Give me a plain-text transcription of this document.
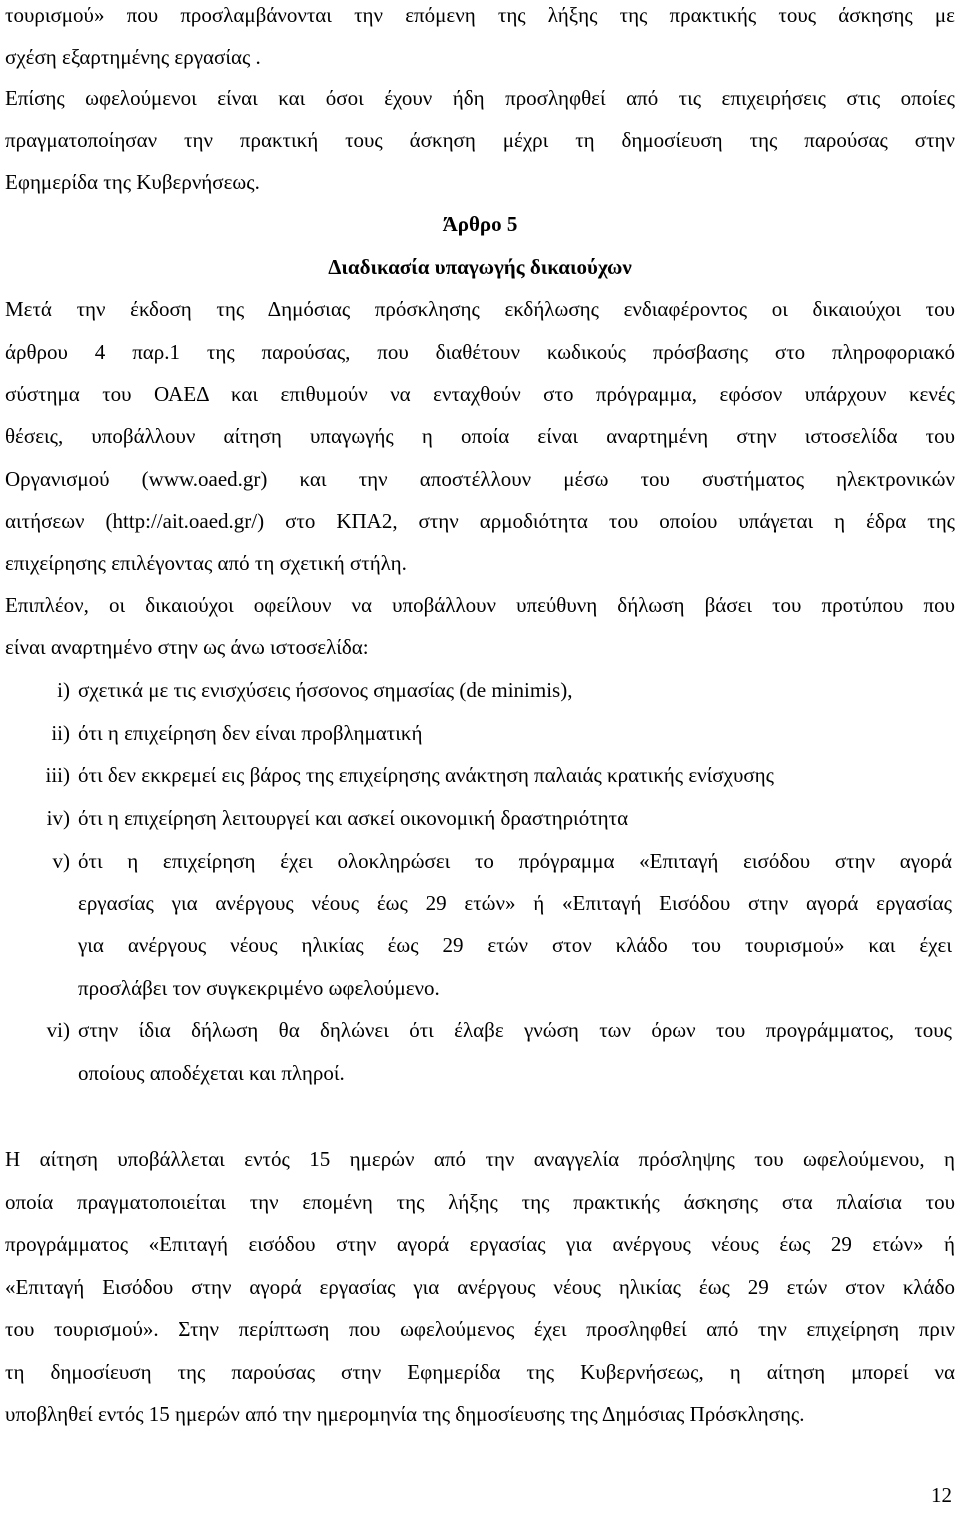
τουρισμού» που προσλαμβάνονται την επόμενη της λήξης της πρακτικής τους άσκησης με
σχέση εξαρτημένης εργασίας .
Επίσης ωφελούμενοι είναι και όσοι έχουν ήδη προσληφθεί από τις επιχειρήσεις στις οποίες
πραγματοποίησαν την πρακτική τους άσκηση μέχρι τη δημοσίευση της παρούσας στην
Εφημερίδα της Κυβερνήσεως.
Άρθρο 5
Διαδικασία υπαγωγής δικαιούχων
Μετά την έκδοση της Δημόσιας πρόσκλησης εκδήλωσης ενδιαφέροντος οι δικαιούχοι του
άρθρου 4 παρ.1 της παρούσας, που διαθέτουν κωδικούς πρόσβασης στο πληροφοριακό
σύστημα του ΟΑΕΔ και επιθυμούν να ενταχθούν στο πρόγραμμα, εφόσον υπάρχουν κενές
θέσεις, υποβάλλουν αίτηση υπαγωγής η οποία είναι αναρτημένη στην ιστοσελίδα του
Οργανισμού (www.oaed.gr) και την αποστέλλουν μέσω του συστήματος ηλεκτρονικών
αιτήσεων (http://ait.oaed.gr/) στο ΚΠΑ2, στην αρμοδιότητα του οποίου υπάγεται η έδρα της
επιχείρησης επιλέγοντας από τη σχετική στήλη.
Επιπλέον, οι δικαιούχοι οφείλουν να υποβάλλουν υπεύθυνη δήλωση βάσει του προτύπου που
είναι αναρτημένο στην ως άνω ιστοσελίδα:
i) σχετικά με τις ενισχύσεις ήσσονος σημασίας (de minimis),
ii) ότι η επιχείρηση δεν είναι προβληματική
iii) ότι δεν εκκρεμεί εις βάρος της επιχείρησης ανάκτηση παλαιάς κρατικής ενίσχυσης
iv) ότι η επιχείρηση λειτουργεί και ασκεί οικονομική δραστηριότητα
v) ότι η επιχείρηση έχει ολοκληρώσει το πρόγραμμα «Επιταγή εισόδου στην αγορά
εργασίας για ανέργους νέους έως 29 ετών» ή «Επιταγή Εισόδου στην αγορά εργασίας
για ανέργους νέους ηλικίας έως 29 ετών στον κλάδο του τουρισμού» και έχει
προσλάβει τον συγκεκριμένο ωφελούμενο.
vi) στην ίδια δήλωση θα δηλώνει ότι έλαβε γνώση των όρων του προγράμματος, τους
οποίους αποδέχεται και πληροί.
Η αίτηση υποβάλλεται εντός 15 ημερών από την αναγγελία πρόσληψης του ωφελούμενου, η
οποία πραγματοποιείται την επομένη της λήξης της πρακτικής άσκησης στα πλαίσια του
προγράμματος «Επιταγή εισόδου στην αγορά εργασίας για ανέργους νέους έως 29 ετών» ή
«Επιταγή Εισόδου στην αγορά εργασίας για ανέργους νέους ηλικίας έως 29 ετών στον κλάδο
του τουρισμού». Στην περίπτωση που ωφελούμενος έχει προσληφθεί από την επιχείρηση πριν
τη δημοσίευση της παρούσας στην Εφημερίδα της Κυβερνήσεως, η αίτηση μπορεί να
υποβληθεί εντός 15 ημερών από την ημερομηνία της δημοσίευσης της Δημόσιας Πρόσκλησης.
12
